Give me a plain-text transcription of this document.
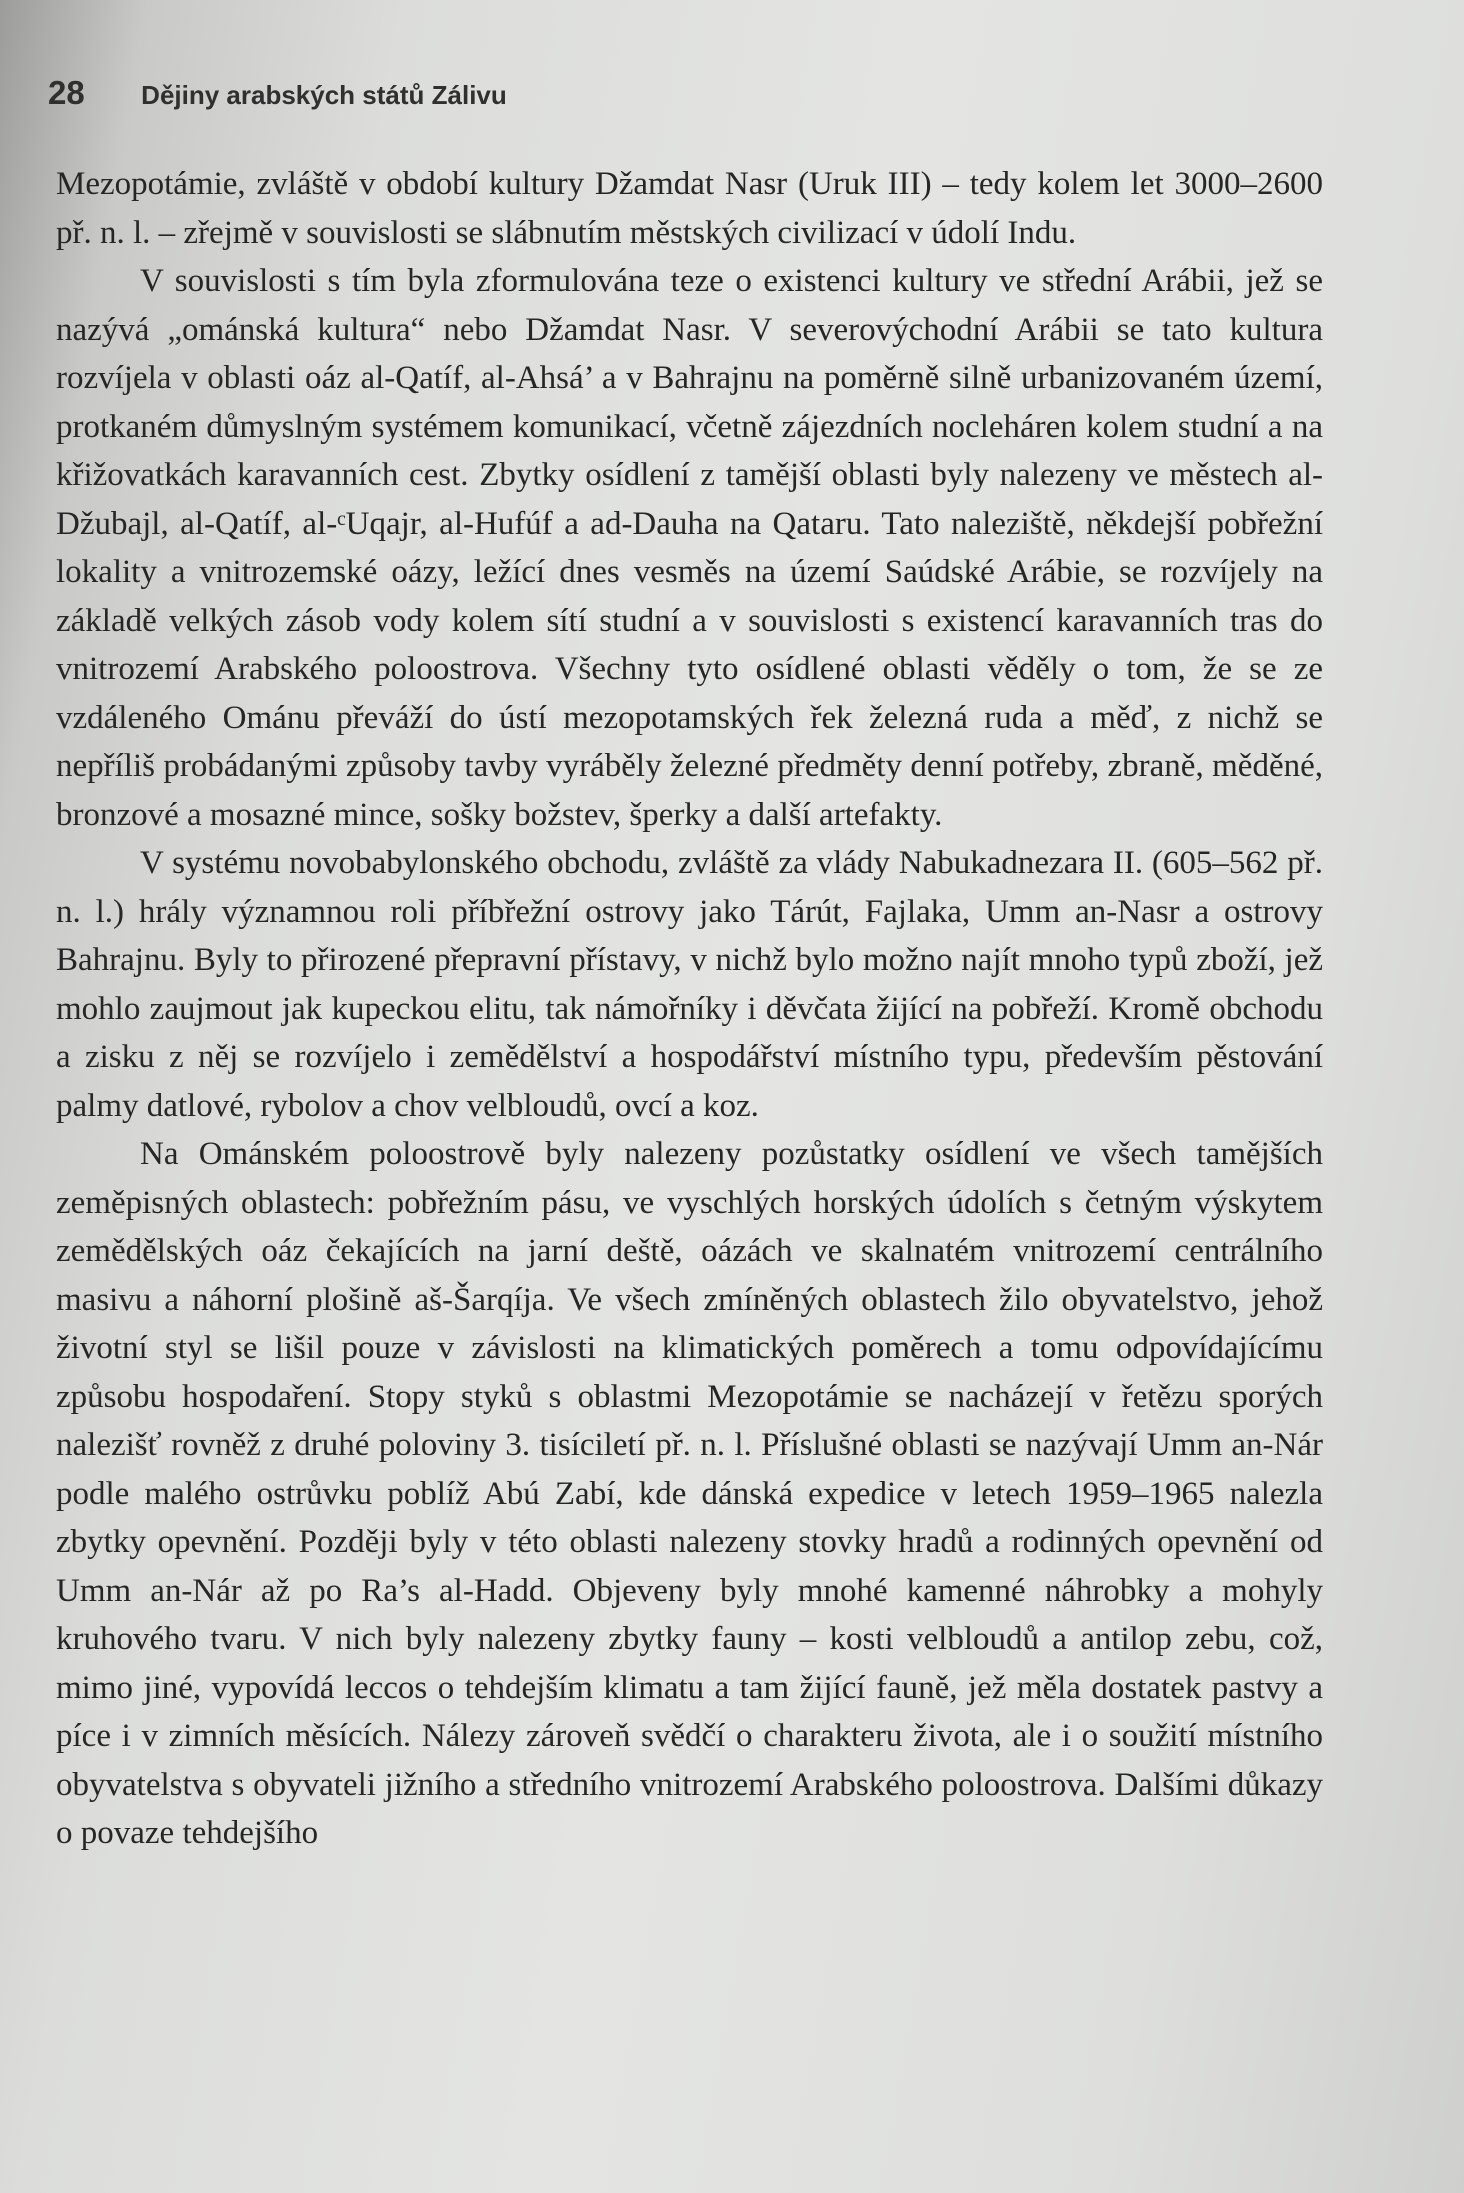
28 Dějiny arabských států Zálivu

Mezopotámie, zvláště v období kultury Džamdat Nasr (Uruk III) – tedy kolem let 3000–2600 př. n. l. – zřejmě v souvislosti se slábnutím městských civilizací v údolí Indu.

V souvislosti s tím byla zformulována teze o existenci kultury ve střední Arábii, jež se nazývá „ománská kultura“ nebo Džamdat Nasr. V severovýchodní Arábii se tato kultura rozvíjela v oblasti oáz al-Qatíf, al-Ahsá’ a v Bahrajnu na poměrně silně urbanizovaném území, protkaném důmyslným systémem komunikací, včetně zájezdních nocleháren kolem studní a na křižovatkách karavanních cest. Zbytky osídlení z tamější oblasti byly nalezeny ve městech al-Džubajl, al-Qatíf, al-ᶜUqajr, al-Hufúf a ad-Dauha na Qataru. Tato naleziště, někdejší pobřežní lokality a vnitrozemské oázy, ležící dnes vesměs na území Saúdské Arábie, se rozvíjely na základě velkých zásob vody kolem sítí studní a v souvislosti s existencí karavanních tras do vnitrozemí Arabského poloostrova. Všechny tyto osídlené oblasti věděly o tom, že se ze vzdáleného Ománu převáží do ústí mezopotamských řek železná ruda a měď, z nichž se nepříliš probádanými způsoby tavby vyráběly železné předměty denní potřeby, zbraně, měděné, bronzové a mosazné mince, sošky božstev, šperky a další artefakty.

V systému novobabylonského obchodu, zvláště za vlády Nabukadnezara II. (605–562 př. n. l.) hrály významnou roli příbřežní ostrovy jako Tárút, Fajlaka, Umm an-Nasr a ostrovy Bahrajnu. Byly to přirozené přepravní přístavy, v nichž bylo možno najít mnoho typů zboží, jež mohlo zaujmout jak kupeckou elitu, tak námořníky i děvčata žijící na pobřeží. Kromě obchodu a zisku z něj se rozvíjelo i zemědělství a hospodářství místního typu, především pěstování palmy datlové, rybolov a chov velbloudů, ovcí a koz.

Na Ománském poloostrově byly nalezeny pozůstatky osídlení ve všech tamějších zeměpisných oblastech: pobřežním pásu, ve vyschlých horských údolích s četným výskytem zemědělských oáz čekajících na jarní deště, oázách ve skalnatém vnitrozemí centrálního masivu a náhorní plošině aš-Šarqíja. Ve všech zmíněných oblastech žilo obyvatelstvo, jehož životní styl se lišil pouze v závislosti na klimatických poměrech a tomu odpovídajícímu způsobu hospodaření. Stopy styků s oblastmi Mezopotámie se nacházejí v řetězu sporých nalezišť rovněž z druhé poloviny 3. tisíciletí př. n. l. Příslušné oblasti se nazývají Umm an-Nár podle malého ostrůvku poblíž Abú Zabí, kde dánská expedice v letech 1959–1965 nalezla zbytky opevnění. Později byly v této oblasti nalezeny stovky hradů a rodinných opevnění od Umm an-Nár až po Ra’s al-Hadd. Objeveny byly mnohé kamenné náhrobky a mohyly kruhového tvaru. V nich byly nalezeny zbytky fauny – kosti velbloudů a antilop zebu, což, mimo jiné, vypovídá leccos o tehdejším klimatu a tam žijící fauně, jež měla dostatek pastvy a píce i v zimních měsících. Nálezy zároveň svědčí o charakteru života, ale i o soužití místního obyvatelstva s obyvateli jižního a středního vnitrozemí Arabského poloostrova. Dalšími důkazy o povaze tehdejšího
